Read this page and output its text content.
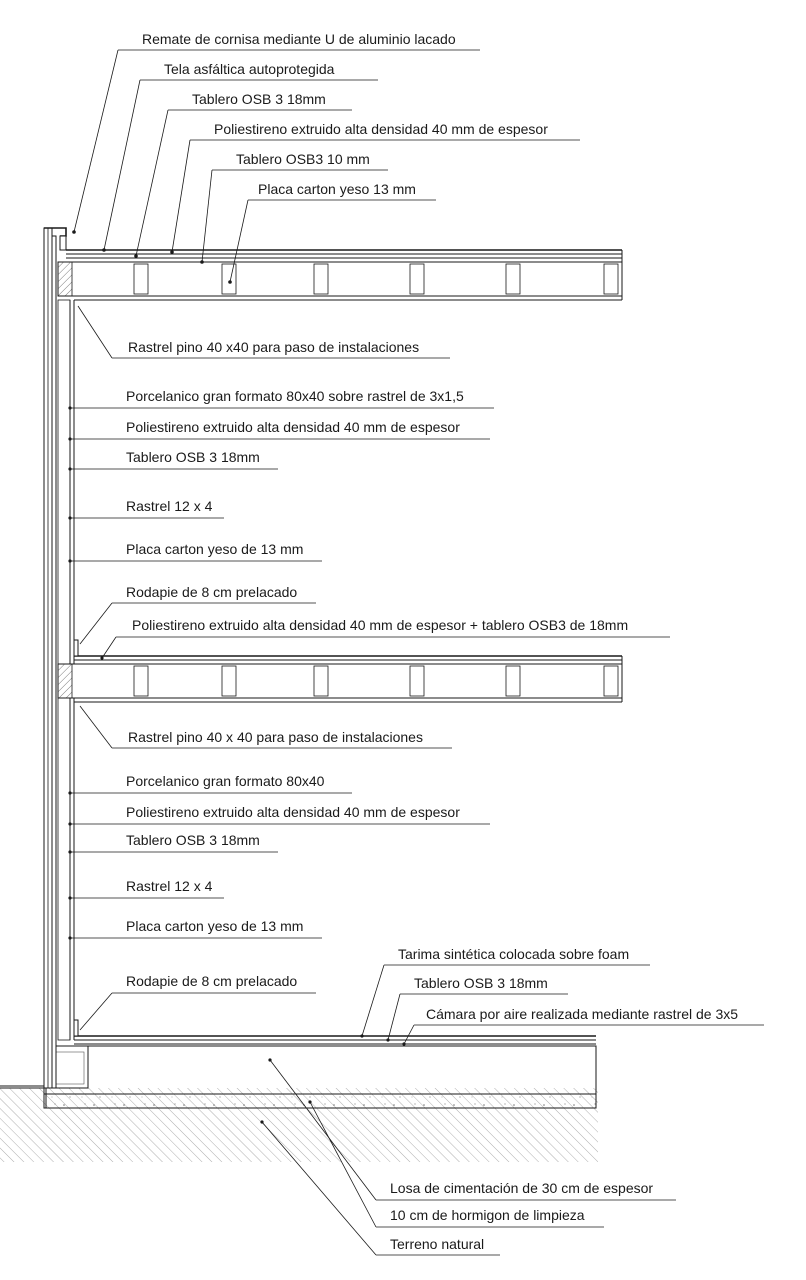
Remate de cornisa mediante U de aluminio lacado
Tela asfáltica autoprotegida
Tablero OSB 3 18mm
Poliestireno extruido alta densidad 40 mm de espesor
Tablero OSB3 10 mm
Placa carton yeso 13 mm
Rastrel pino 40 x40 para paso de instalaciones
Porcelanico gran formato 80x40 sobre rastrel de 3x1,5
Poliestireno extruido alta densidad 40 mm de espesor
Tablero OSB 3 18mm
Rastrel 12 x 4
Placa carton yeso de 13 mm
Rodapie de 8 cm prelacado
Poliestireno extruido alta densidad 40 mm de espesor + tablero OSB3 de 18mm
Rastrel pino 40 x 40 para paso de instalaciones
Porcelanico gran formato 80x40
Poliestireno extruido alta densidad 40 mm de espesor
Tablero OSB 3 18mm
Rastrel 12 x 4
Placa carton yeso de 13 mm
Rodapie de 8 cm prelacado
Tarima sintética colocada sobre foam
Tablero OSB 3 18mm
Cámara por aire realizada mediante rastrel de 3x5
Losa de cimentación de 30 cm de espesor
10 cm de hormigon de limpieza
Terreno natural
